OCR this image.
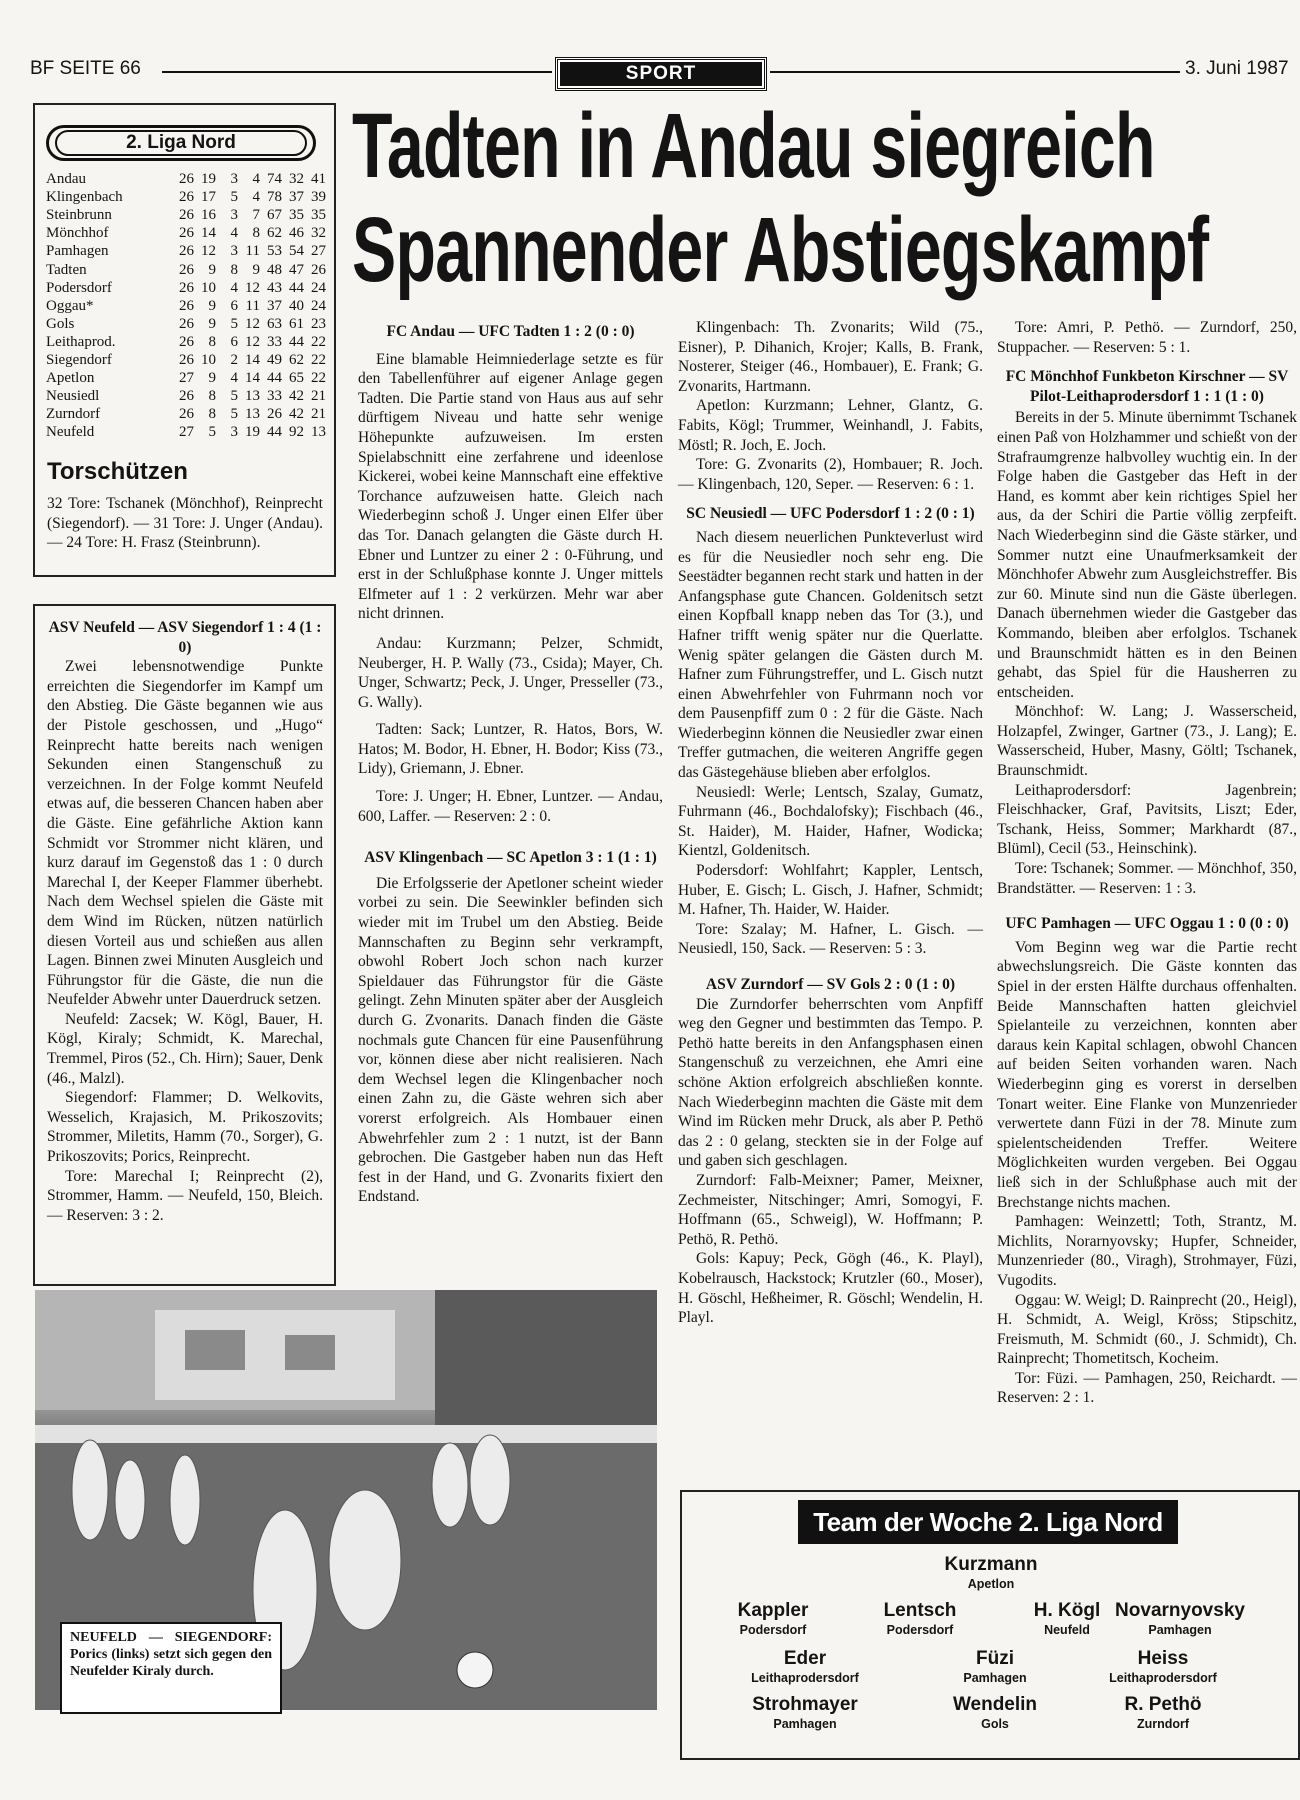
BF SEITE 66	SPORT	3. Juni 1987
Tadten in Andau siegreich
Spannender Abstiegskampf
2. Liga Nord
Andau	26	19	3	4	74	32	41
Klingenbach	26	17	5	4	78	37	39
Steinbrunn	26	16	3	7	67	35	35
Mönchhof	26	14	4	8	62	46	32
Pamhagen	26	12	3	11	53	54	27
Tadten	26	9	8	9	48	47	26
Podersdorf	26	10	4	12	43	44	24
Oggau*	26	9	6	11	37	40	24
Gols	26	9	5	12	63	61	23
Leithaprod.	26	8	6	12	33	44	22
Siegendorf	26	10	2	14	49	62	22
Apetlon	27	9	4	14	44	65	22
Neusiedl	26	8	5	13	33	42	21
Zurndorf	26	8	5	13	26	42	21
Neufeld	27	5	3	19	44	92	13
Torschützen
32 Tore: Tschanek (Mönchhof), Reinprecht (Siegendorf). — 31 Tore: J. Unger (Andau). — 24 Tore: H. Frasz (Steinbrunn).

ASV Neufeld — ASV Siegendorf 1 : 4 (1 : 0)

Zwei lebensnotwendige Punkte erreichten die Siegendorfer im Kampf um den Abstieg. Die Gäste begannen wie aus der Pistole geschossen, und „Hugo“ Reinprecht hatte bereits nach wenigen Sekunden einen Stangenschuß zu verzeichnen. In der Folge kommt Neufeld etwas auf, die besseren Chancen haben aber die Gäste. Eine gefährliche Aktion kann Schmidt vor Strommer nicht klären, und kurz darauf im Gegenstoß das 1 : 0 durch Marechal I, der Keeper Flammer überhebt. Nach dem Wechsel spielen die Gäste mit dem Wind im Rücken, nützen natürlich diesen Vorteil aus und schießen aus allen Lagen. Binnen zwei Minuten Ausgleich und Führungstor für die Gäste, die nun die Neufelder Abwehr unter Dauerdruck setzen.

Neufeld: Zacsek; W. Kögl, Bauer, H. Kögl, Kiraly; Schmidt, K. Marechal, Tremmel, Piros (52., Ch. Hirn); Sauer, Denk (46., Malzl).

Siegendorf: Flammer; D. Welkovits, Wesselich, Krajasich, M. Prikoszovits; Strommer, Miletits, Hamm (70., Sorger), G. Prikoszovits; Porics, Reinprecht.

Tore: Marechal I; Reinprecht (2), Strommer, Hamm. — Neufeld, 150, Bleich. — Reserven: 3 : 2.

FC Andau — UFC Tadten 1 : 2 (0 : 0)

Eine blamable Heimniederlage setzte es für den Tabellenführer auf eigener Anlage gegen Tadten. Die Partie stand von Haus aus auf sehr dürftigem Niveau und hatte sehr wenige Höhepunkte aufzuweisen. Im ersten Spielabschnitt eine zerfahrene und ideenlose Kickerei, wobei keine Mannschaft eine effektive Torchance aufzuweisen hatte. Gleich nach Wiederbeginn schoß J. Unger einen Elfer über das Tor. Danach gelangten die Gäste durch H. Ebner und Luntzer zu einer 2 : 0-Führung, und erst in der Schlußphase konnte J. Unger mittels Elfmeter auf 1 : 2 verkürzen. Mehr war aber nicht drinnen.

Andau: Kurzmann; Pelzer, Schmidt, Neuberger, H. P. Wally (73., Csida); Mayer, Ch. Unger, Schwartz; Peck, J. Unger, Presseller (73., G. Wally).

Tadten: Sack; Luntzer, R. Hatos, Bors, W. Hatos; M. Bodor, H. Ebner, H. Bodor; Kiss (73., Lidy), Griemann, J. Ebner.

Tore: J. Unger; H. Ebner, Luntzer. — Andau, 600, Laffer. — Reserven: 2 : 0.

ASV Klingenbach — SC Apetlon 3 : 1 (1 : 1)

Die Erfolgsserie der Apetloner scheint wieder vorbei zu sein. Die Seewinkler befinden sich wieder mit im Trubel um den Abstieg. Beide Mannschaften zu Beginn sehr verkrampft, obwohl Robert Joch schon nach kurzer Spieldauer das Führungstor für die Gäste gelingt. Zehn Minuten später aber der Ausgleich durch G. Zvonarits. Danach finden die Gäste nochmals gute Chancen für eine Pausenführung vor, können diese aber nicht realisieren. Nach dem Wechsel legen die Klingenbacher noch einen Zahn zu, die Gäste wehren sich aber vorerst erfolgreich. Als Hombauer einen Abwehrfehler zum 2 : 1 nutzt, ist der Bann gebrochen. Die Gastgeber haben nun das Heft fest in der Hand, und G. Zvonarits fixiert den Endstand.

Klingenbach: Th. Zvonarits; Wild (75., Eisner), P. Dihanich, Krojer; Kalls, B. Frank, Nosterer, Steiger (46., Hombauer), E. Frank; G. Zvonarits, Hartmann.

Apetlon: Kurzmann; Lehner, Glantz, G. Fabits, Kögl; Trummer, Weinhandl, J. Fabits, Möstl; R. Joch, E. Joch.

Tore: G. Zvonarits (2), Hombauer; R. Joch. — Klingenbach, 120, Seper. — Reserven: 6 : 1.

SC Neusiedl — UFC Podersdorf 1 : 2 (0 : 1)

Nach diesem neuerlichen Punkteverlust wird es für die Neusiedler noch sehr eng. Die Seestädter begannen recht stark und hatten in der Anfangsphase gute Chancen. Goldenitsch setzt einen Kopfball knapp neben das Tor (3.), und Hafner trifft wenig später nur die Querlatte. Wenig später gelangen die Gästen durch M. Hafner zum Führungstreffer, und L. Gisch nutzt einen Abwehrfehler von Fuhrmann noch vor dem Pausenpfiff zum 0 : 2 für die Gäste. Nach Wiederbeginn können die Neusiedler zwar einen Treffer gutmachen, die weiteren Angriffe gegen das Gästegehäuse blieben aber erfolglos.

Neusiedl: Werle; Lentsch, Szalay, Gumatz, Fuhrmann (46., Bochdalofsky); Fischbach (46., St. Haider), M. Haider, Hafner, Wodicka; Kientzl, Goldenitsch.

Podersdorf: Wohlfahrt; Kappler, Lentsch, Huber, E. Gisch; L. Gisch, J. Hafner, Schmidt; M. Hafner, Th. Haider, W. Haider.

Tore: Szalay; M. Hafner, L. Gisch. — Neusiedl, 150, Sack. — Reserven: 5 : 3.

ASV Zurndorf — SV Gols 2 : 0 (1 : 0)

Die Zurndorfer beherrschten vom Anpfiff weg den Gegner und bestimmten das Tempo. P. Pethö hatte bereits in den Anfangsphasen einen Stangenschuß zu verzeichnen, ehe Amri eine schöne Aktion erfolgreich abschließen konnte. Nach Wiederbeginn machten die Gäste mit dem Wind im Rücken mehr Druck, als aber P. Pethö das 2 : 0 gelang, steckten sie in der Folge auf und gaben sich geschlagen.

Zurndorf: Falb-Meixner; Pamer, Meixner, Zechmeister, Nitschinger; Amri, Somogyi, F. Hoffmann (65., Schweigl), W. Hoffmann; P. Pethö, R. Pethö.

Gols: Kapuy; Peck, Gögh (46., K. Playl), Kobelrausch, Hackstock; Krutzler (60., Moser), H. Göschl, Heßheimer, R. Göschl; Wendelin, H. Playl.

Tore: Amri, P. Pethö. — Zurndorf, 250, Stuppacher. — Reserven: 5 : 1.

FC Mönchhof Funkbeton Kirschner — SV Pilot-Leithaprodersdorf 1 : 1 (1 : 0)

Bereits in der 5. Minute übernimmt Tschanek einen Paß von Holzhammer und schießt von der Strafraumgrenze halbvolley wuchtig ein. In der Folge haben die Gastgeber das Heft in der Hand, es kommt aber kein richtiges Spiel her aus, da der Schiri die Partie völlig zerpfeift. Nach Wiederbeginn sind die Gäste stärker, und Sommer nutzt eine Unaufmerksamkeit der Mönchhofer Abwehr zum Ausgleichstreffer. Bis zur 60. Minute sind nun die Gäste überlegen. Danach übernehmen wieder die Gastgeber das Kommando, bleiben aber erfolglos. Tschanek und Braunschmidt hätten es in den Beinen gehabt, das Spiel für die Hausherren zu entscheiden.

Mönchhof: W. Lang; J. Wasserscheid, Holzapfel, Zwinger, Gartner (73., J. Lang); E. Wasserscheid, Huber, Masny, Göltl; Tschanek, Braunschmidt.

Leithaprodersdorf: Jagenbrein; Fleischhacker, Graf, Pavitsits, Liszt; Eder, Tschank, Heiss, Sommer; Markhardt (87., Blüml), Cecil (53., Heinschink).

Tore: Tschanek; Sommer. — Mönchhof, 350, Brandstätter. — Reserven: 1 : 3.

UFC Pamhagen — UFC Oggau 1 : 0 (0 : 0)

Vom Beginn weg war die Partie recht abwechslungsreich. Die Gäste konnten das Spiel in der ersten Hälfte durchaus offenhalten. Beide Mannschaften hatten gleichviel Spielanteile zu verzeichnen, konnten aber daraus kein Kapital schlagen, obwohl Chancen auf beiden Seiten vorhanden waren. Nach Wiederbeginn ging es vorerst in derselben Tonart weiter. Eine Flanke von Munzenrieder verwertete dann Füzi in der 78. Minute zum spielentscheidenden Treffer. Weitere Möglichkeiten wurden vergeben. Bei Oggau ließ sich in der Schlußphase auch mit der Brechstange nichts machen.

Pamhagen: Weinzettl; Toth, Strantz, M. Michlits, Norarnyovsky; Hupfer, Schneider, Munzenrieder (80., Viragh), Strohmayer, Füzi, Vugodits.

Oggau: W. Weigl; D. Rainprecht (20., Heigl), H. Schmidt, A. Weigl, Kröss; Stipschitz, Freismuth, M. Schmidt (60., J. Schmidt), Ch. Rainprecht; Thometitsch, Kocheim.

Tor: Füzi. — Pamhagen, 250, Reichardt. — Reserven: 2 : 1.

NEUFELD — SIEGENDORF: Porics (links) setzt sich gegen den Neufelder Kiraly durch.
Team der Woche 2. Liga Nord
Kurzmann
Apetlon
Kappler
Podersdorf
Lentsch
Podersdorf
H. Kögl
Neufeld
Novarnyovsky
Pamhagen
Eder
Leithaprodersdorf
Füzi
Pamhagen
Heiss
Leithaprodersdorf
Strohmayer
Pamhagen
Wendelin
Gols
R. Pethö
Zurndorf
